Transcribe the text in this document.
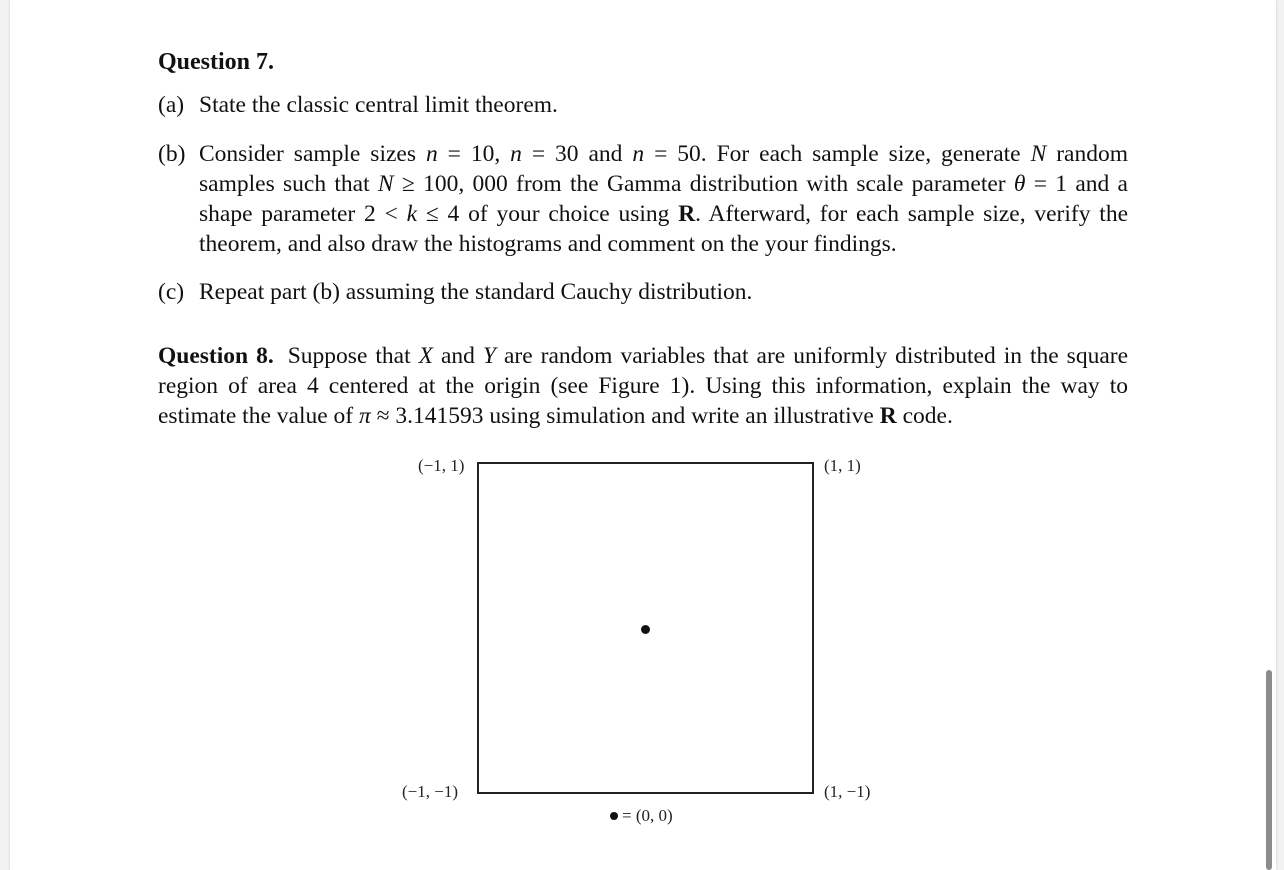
Question 7.
(a) State the classic central limit theorem.
(b) Consider sample sizes n = 10, n = 30 and n = 50. For each sample size, generate N random samples such that N ≥ 100, 000 from the Gamma distribution with scale parameter θ = 1 and a shape parameter 2 < k ≤ 4 of your choice using R. Afterward, for each sample size, verify the theorem, and also draw the histograms and comment on the your findings.
(c) Repeat part (b) assuming the standard Cauchy distribution.
Question 8. Suppose that X and Y are random variables that are uniformly distributed in the square region of area 4 centered at the origin (see Figure 1). Using this information, explain the way to estimate the value of π ≈ 3.141593 using simulation and write an illustrative R code.
(−1, 1)	(1, 1)
(−1, −1)	(1, −1)
= (0, 0)
